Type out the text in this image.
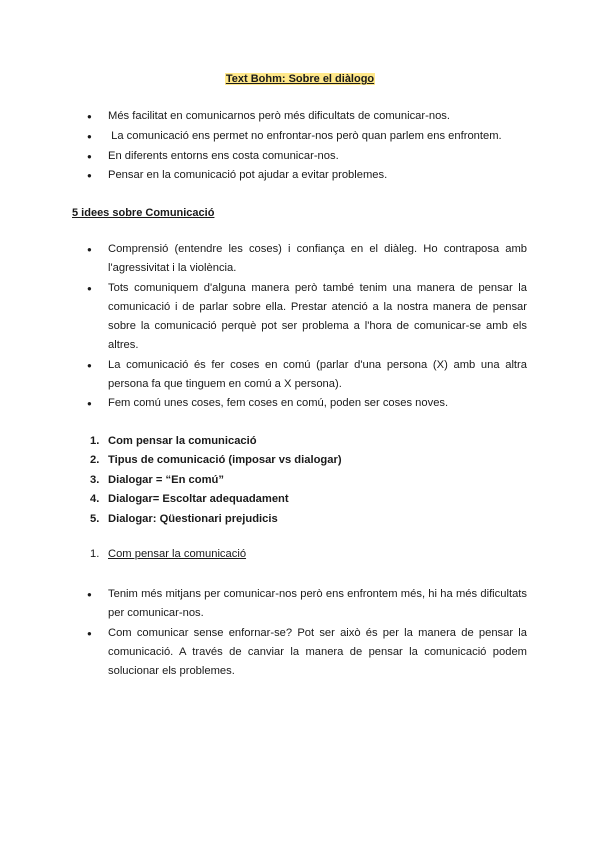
Text Bohm: Sobre el diàlogo
● Més facilitat en comunicarnos però més dificultats de comunicar-nos.
●  La comunicació ens permet no enfrontar-nos però quan parlem ens enfrontem.
● En diferents entorns ens costa comunicar-nos.
● Pensar en la comunicació pot ajudar a evitar problemes.
5 idees sobre Comunicació
● Comprensió (entendre les coses) i confiança en el diàleg. Ho contraposa amb l'agressivitat i la violència.
● Tots comuniquem d'alguna manera però també tenim una manera de pensar la comunicació i de parlar sobre ella. Prestar atenció a la nostra manera de pensar sobre la comunicació perquè pot ser problema a l'hora de comunicar-se amb els altres.
● La comunicació és fer coses en comú (parlar d'una persona (X) amb una altra persona fa que tinguem en comú a X persona).
● Fem comú unes coses, fem coses en comú, poden ser coses noves.
1. Com pensar la comunicació
2. Tipus de comunicació (imposar vs dialogar)
3. Dialogar = “En comú”
4. Dialogar= Escoltar adequadament
5. Dialogar: Qüestionari prejudicis
1. Com pensar la comunicació
● Tenim més mitjans per comunicar-nos però ens enfrontem més, hi ha més dificultats per comunicar-nos.
● Com comunicar sense enfornar-se? Pot ser això és per la manera de pensar la comunicació. A través de canviar la manera de pensar la comunicació podem solucionar els problemes.
